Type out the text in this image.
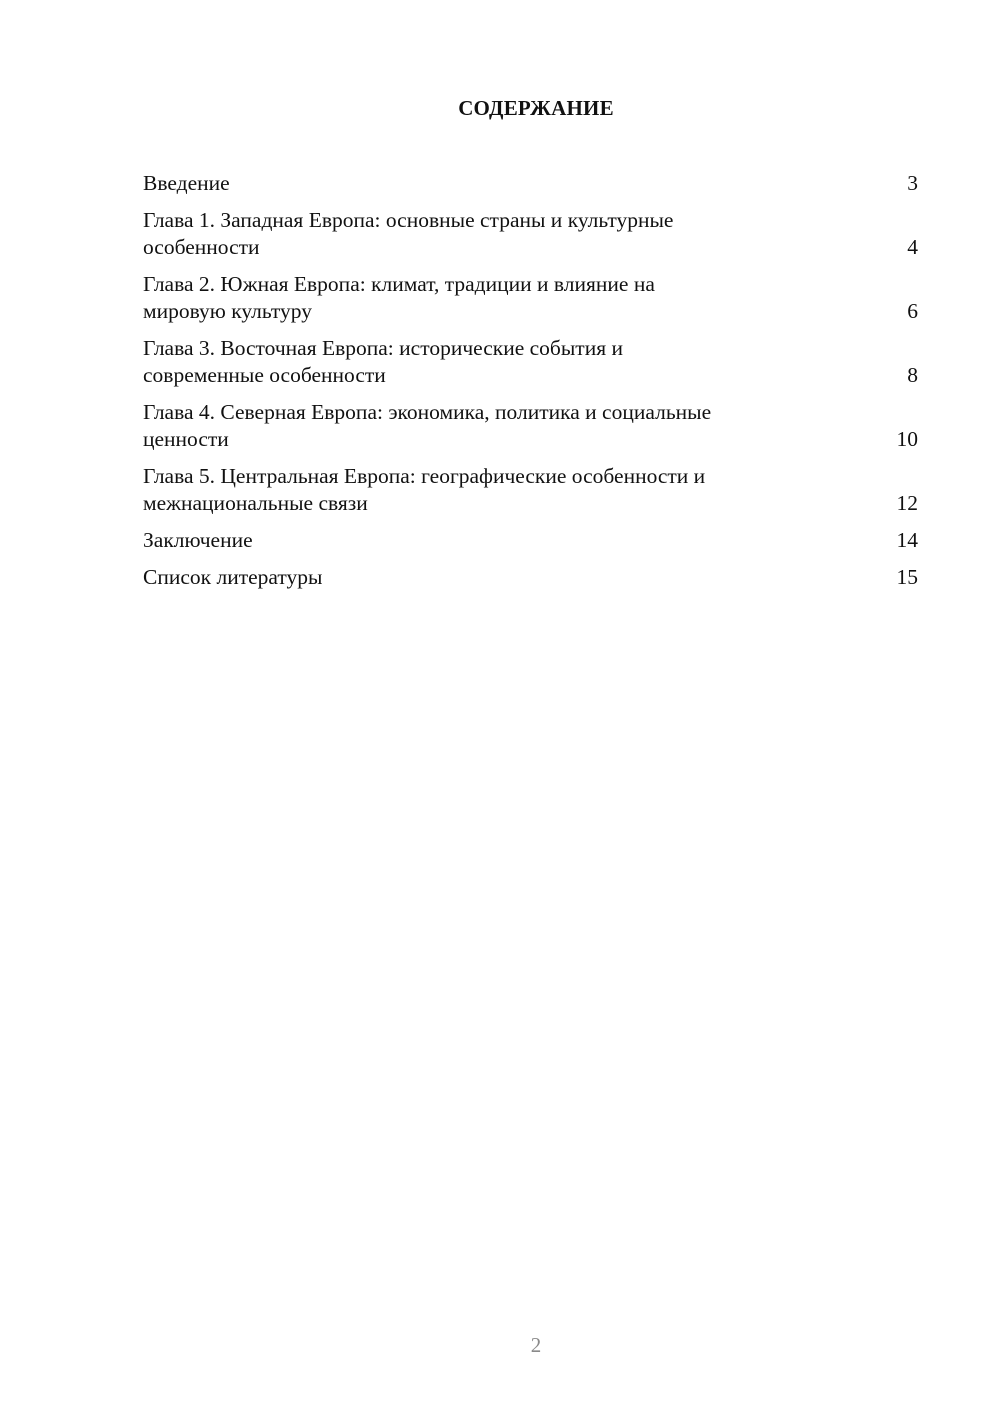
СОДЕРЖАНИЕ
Введение	3
Глава 1. Западная Европа: основные страны и культурные
особенности	4
Глава 2. Южная Европа: климат, традиции и влияние на
мировую культуру	6
Глава 3. Восточная Европа: исторические события и
современные особенности	8
Глава 4. Северная Европа: экономика, политика и социальные
ценности	10
Глава 5. Центральная Европа: географические особенности и
межнациональные связи	12
Заключение	14
Список литературы	15
2
